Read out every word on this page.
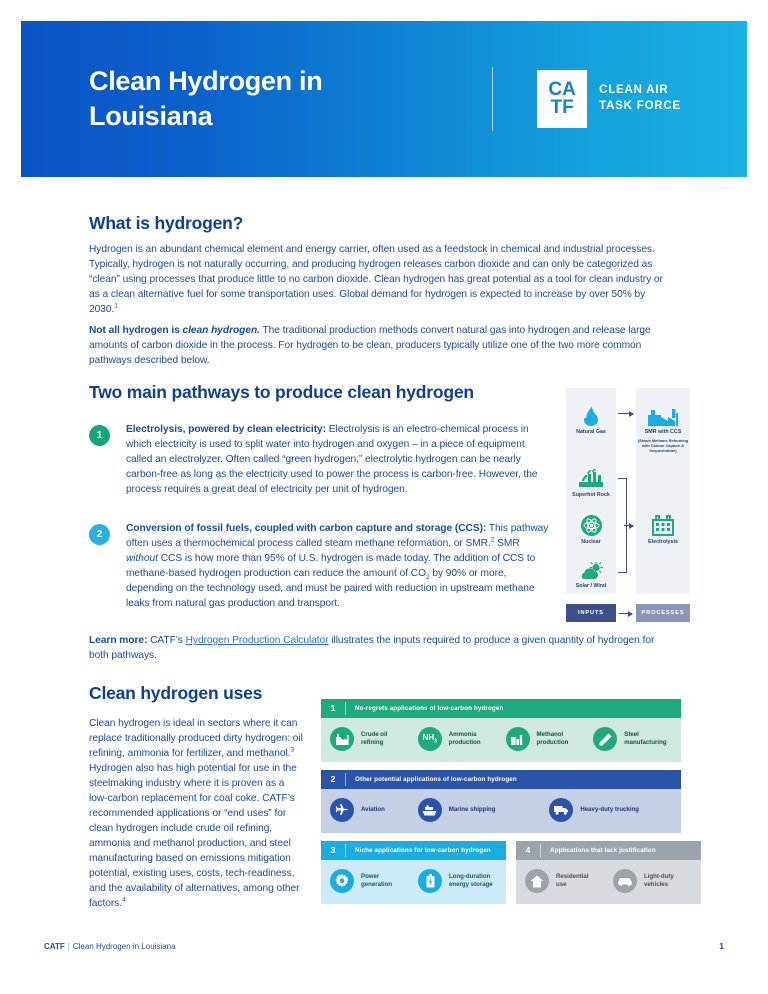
Clean Hydrogen in Louisiana
CA
TF
CLEAN AIR
TASK FORCE
What is hydrogen?

Hydrogen is an abundant chemical element and energy carrier, often used as a feedstock in chemical and industrial processes. Typically, hydrogen is not naturally occurring, and producing hydrogen releases carbon dioxide and can only be categorized as “clean” using processes that produce little to no carbon dioxide. Clean hydrogen has great potential as a tool for clean industry or as a clean alternative fuel for some transportation uses. Global demand for hydrogen is expected to increase by over 50% by 2030.$^1$

Not all hydrogen is clean hydrogen. The traditional production methods convert natural gas into hydrogen and release large amounts of carbon dioxide in the process. For hydrogen to be clean, producers typically utilize one of the two more common pathways described below.

Two main pathways to produce clean hydrogen
1

Electrolysis, powered by clean electricity: Electrolysis is an electro-chemical process in which electricity is used to split water into hydrogen and oxygen – in a piece of equipment called an electrolyzer. Often called “green hydrogen,” electrolytic hydrogen can be nearly carbon-free as long as the electricity used to power the process is carbon-free. However, the process requires a great deal of electricity per unit of hydrogen.

2

Conversion of fossil fuels, coupled with carbon capture and storage (CCS): This pathway often uses a thermochemical process called steam methane reformation, or SMR.$^2$ SMR without CCS is how more than 95% of U.S. hydrogen is made today. The addition of CCS to methane-based hydrogen production can reduce the amount of $CO_2$ by 90% or more, depending on the technology used, and must be paired with reduction in upstream methane leaks from natural gas production and transport.

Learn more: CATF’s Hydrogen Production Calculator illustrates the inputs required to produce a given quantity of hydrogen for both pathways.

Clean hydrogen uses

Clean hydrogen is ideal in sectors where it can replace traditionally produced dirty hydrogen: oil refining, ammonia for fertilizer, and methanol.$^3$ Hydrogen also has high potential for use in the steelmaking industry where it is proven as a low-carbon replacement for coal coke. CATF’s recommended applications or “end uses” for clean hydrogen include crude oil refining, ammonia and methanol production, and steel manufacturing based on emissions mitigation potential, existing uses, costs, tech-readiness, and the availability of alternatives, among other factors.$^4$

Natural Gas
Superhot Rock
Nuclear
Solar / Wind
SMR with CCS
(Steam Methane Reforming with Carbon Capture & Sequestration)
Electrolysis
INPUTS	PROCESSES
1	No-regrets applications of low-carbon hydrogen
Crude oil
refining
$NH_3$
Ammonia
production
Methanol
production
Steel
manufacturing
2	Other potential applications of low-carbon hydrogen
Aviation	Marine shipping	Heavy-duty trucking
3	Niche applications for low-carbon hydrogen
Power
generation
Long-duration
energy storage
4	Applications that lack justification
Residential
use
Light-duty
vehicles
CATF | Clean Hydrogen in Louisiana	1
